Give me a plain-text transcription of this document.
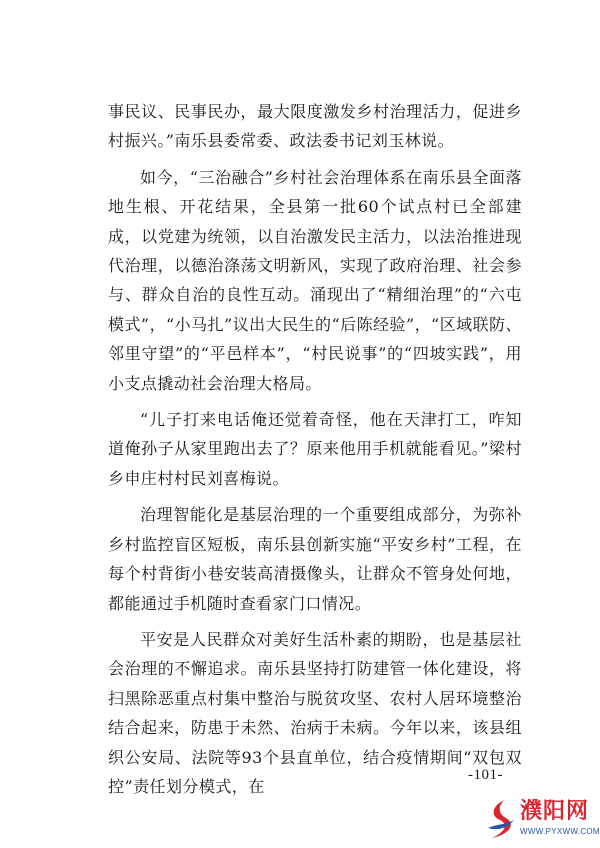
事民议、民事民办，最大限度激发乡村治理活力，促进乡村振兴。”南乐县委常委、政法委书记刘玉林说。

如今，“三治融合”乡村社会治理体系在南乐县全面落地生根、开花结果，全县第一批60个试点村已全部建成，以党建为统领，以自治激发民主活力，以法治推进现代治理，以德治涤荡文明新风，实现了政府治理、社会参与、群众自治的良性互动。涌现出了“精细治理”的“六屯模式”，“小马扎”议出大民生的“后陈经验”，“区域联防、邻里守望”的“平邑样本”，“村民说事”的“四坡实践”，用小支点撬动社会治理大格局。

“儿子打来电话俺还觉着奇怪，他在天津打工，咋知道俺孙子从家里跑出去了？原来他用手机就能看见。”梁村乡申庄村村民刘喜梅说。

治理智能化是基层治理的一个重要组成部分，为弥补乡村监控盲区短板，南乐县创新实施“平安乡村”工程，在每个村背街小巷安装高清摄像头，让群众不管身处何地，都能通过手机随时查看家门口情况。

平安是人民群众对美好生活朴素的期盼，也是基层社会治理的不懈追求。南乐县坚持打防建管一体化建设，将扫黑除恶重点村集中整治与脱贫攻坚、农村人居环境整治结合起来，防患于未然、治病于未病。今年以来，该县组织公安局、法院等93个县直单位，结合疫情期间“双包双控”责任划分模式，在

-101-
濮阳网
WWW.PYXWW.COM
